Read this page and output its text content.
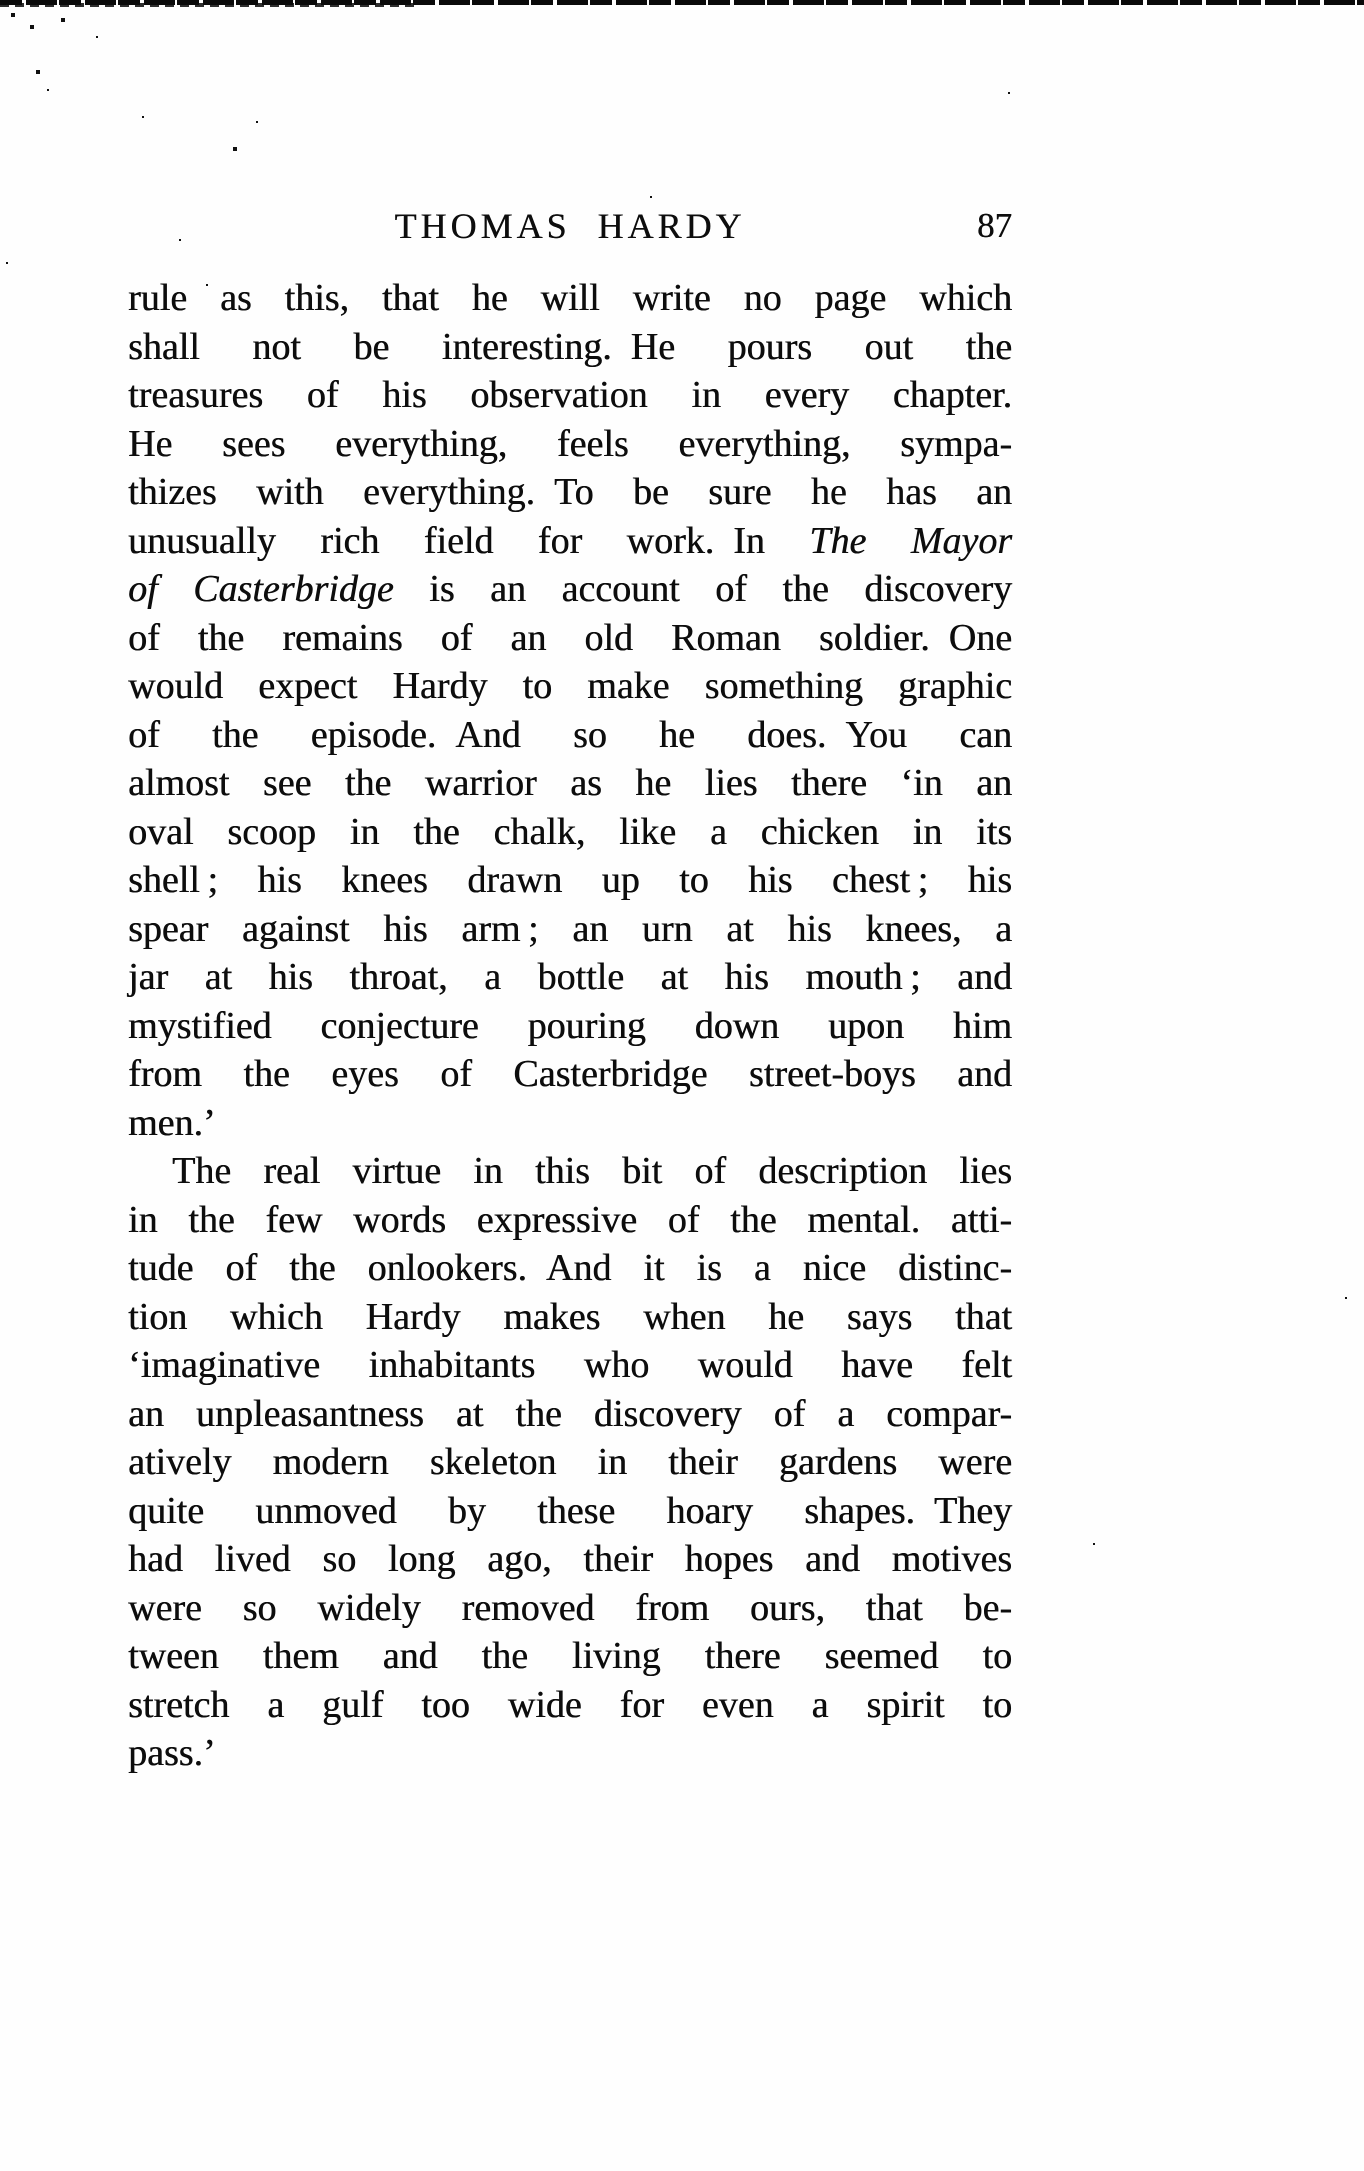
THOMAS HARDY	87
rule as this, that he will write no page which
shall not be interesting. He pours out the
treasures of his observation in every chapter.
He sees everything, feels everything, sympa-
thizes with everything. To be sure he has an
unusually rich field for work. In The Mayor
of Casterbridge is an account of the discovery
of the remains of an old Roman soldier. One
would expect Hardy to make something graphic
of the episode. And so he does. You can
almost see the warrior as he lies there ‘in an
oval scoop in the chalk, like a chicken in its
shell ; his knees drawn up to his chest ; his
spear against his arm ; an urn at his knees, a
jar at his throat, a bottle at his mouth ; and
mystified conjecture pouring down upon him
from the eyes of Casterbridge street-boys and
men.’
The real virtue in this bit of description lies
in the few words expressive of the mental. atti-
tude of the onlookers. And it is a nice distinc-
tion which Hardy makes when he says that
‘imaginative inhabitants who would have felt
an unpleasantness at the discovery of a compar-
atively modern skeleton in their gardens were
quite unmoved by these hoary shapes. They
had lived so long ago, their hopes and motives
were so widely removed from ours, that be-
tween them and the living there seemed to
stretch a gulf too wide for even a spirit to
pass.’
